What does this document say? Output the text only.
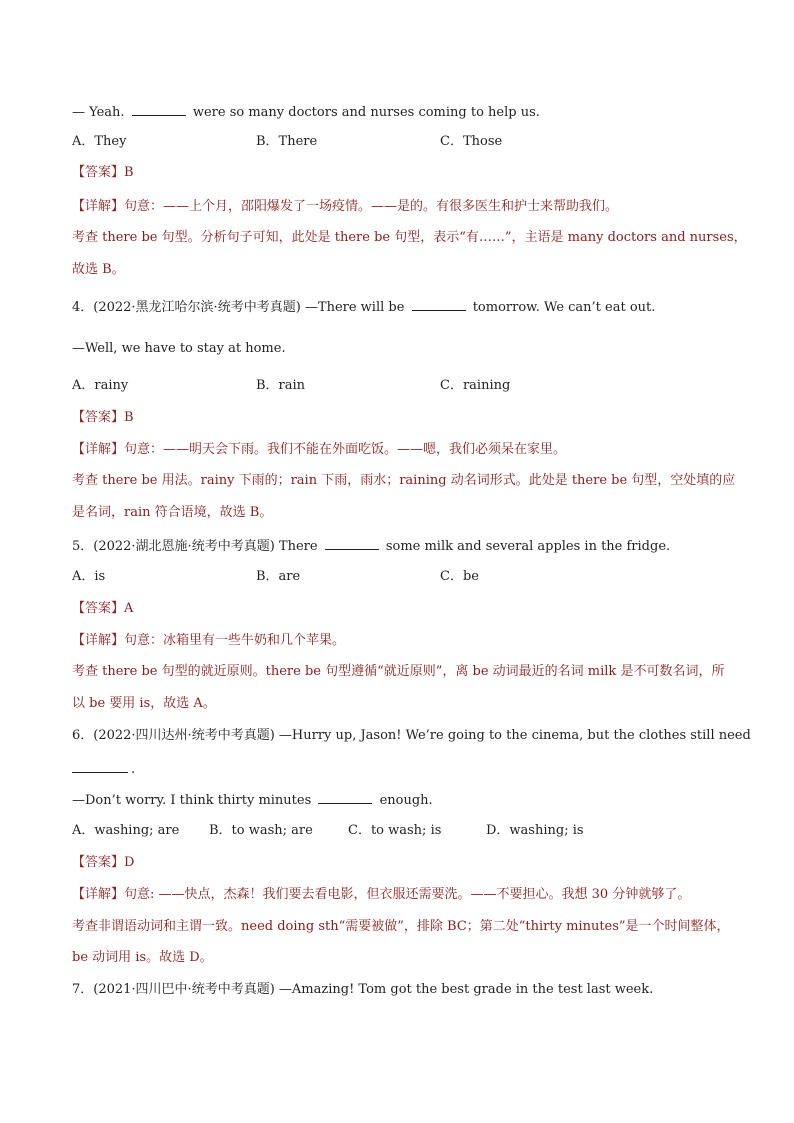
— Yeah.	were so many doctors and nurses coming to help us.
A．They	B．There	C．Those
【答案】B
【详解】句意：——上个月，邵阳爆发了一场疫情。——是的。有很多医生和护士来帮助我们。
考查 there be 句型。分析句子可知，此处是 there be 句型，表示“有……”，主语是 many doctors and nurses，
故选 B。
4．(2022·黑龙江哈尔滨·统考中考真题) —There will be	tomorrow. We can’t eat out.
—Well, we have to stay at home.
A．rainy	B．rain	C．raining
【答案】B
【详解】句意：——明天会下雨。我们不能在外面吃饭。——嗯，我们必须呆在家里。
考查 there be 用法。rainy 下雨的；rain 下雨，雨水；raining 动名词形式。此处是 there be 句型，空处填的应
是名词，rain 符合语境，故选 B。
5．(2022·湖北恩施·统考中考真题) There	some milk and several apples in the fridge.
A．is	B．are	C．be
【答案】A
【详解】句意：冰箱里有一些牛奶和几个苹果。
考查 there be 句型的就近原则。there be 句型遵循“就近原则”，离 be 动词最近的名词 milk 是不可数名词，所
以 be 要用 is，故选 A。
6．(2022·四川达州·统考中考真题) —Hurry up, Jason! We’re going to the cinema, but the clothes still need
.
—Don’t worry. I think thirty minutes	enough.
A．washing; are B．to wash; are	C．to wash; is	D．washing; is
【答案】D
【详解】句意: ——快点，杰森！我们要去看电影，但衣服还需要洗。——不要担心。我想 30 分钟就够了。
考查非谓语动词和主谓一致。need doing sth“需要被做”，排除 BC；第二处“thirty minutes”是一个时间整体，
be 动词用 is。故选 D。
7．(2021·四川巴中·统考中考真题) —Amazing! Tom got the best grade in the test last week.
